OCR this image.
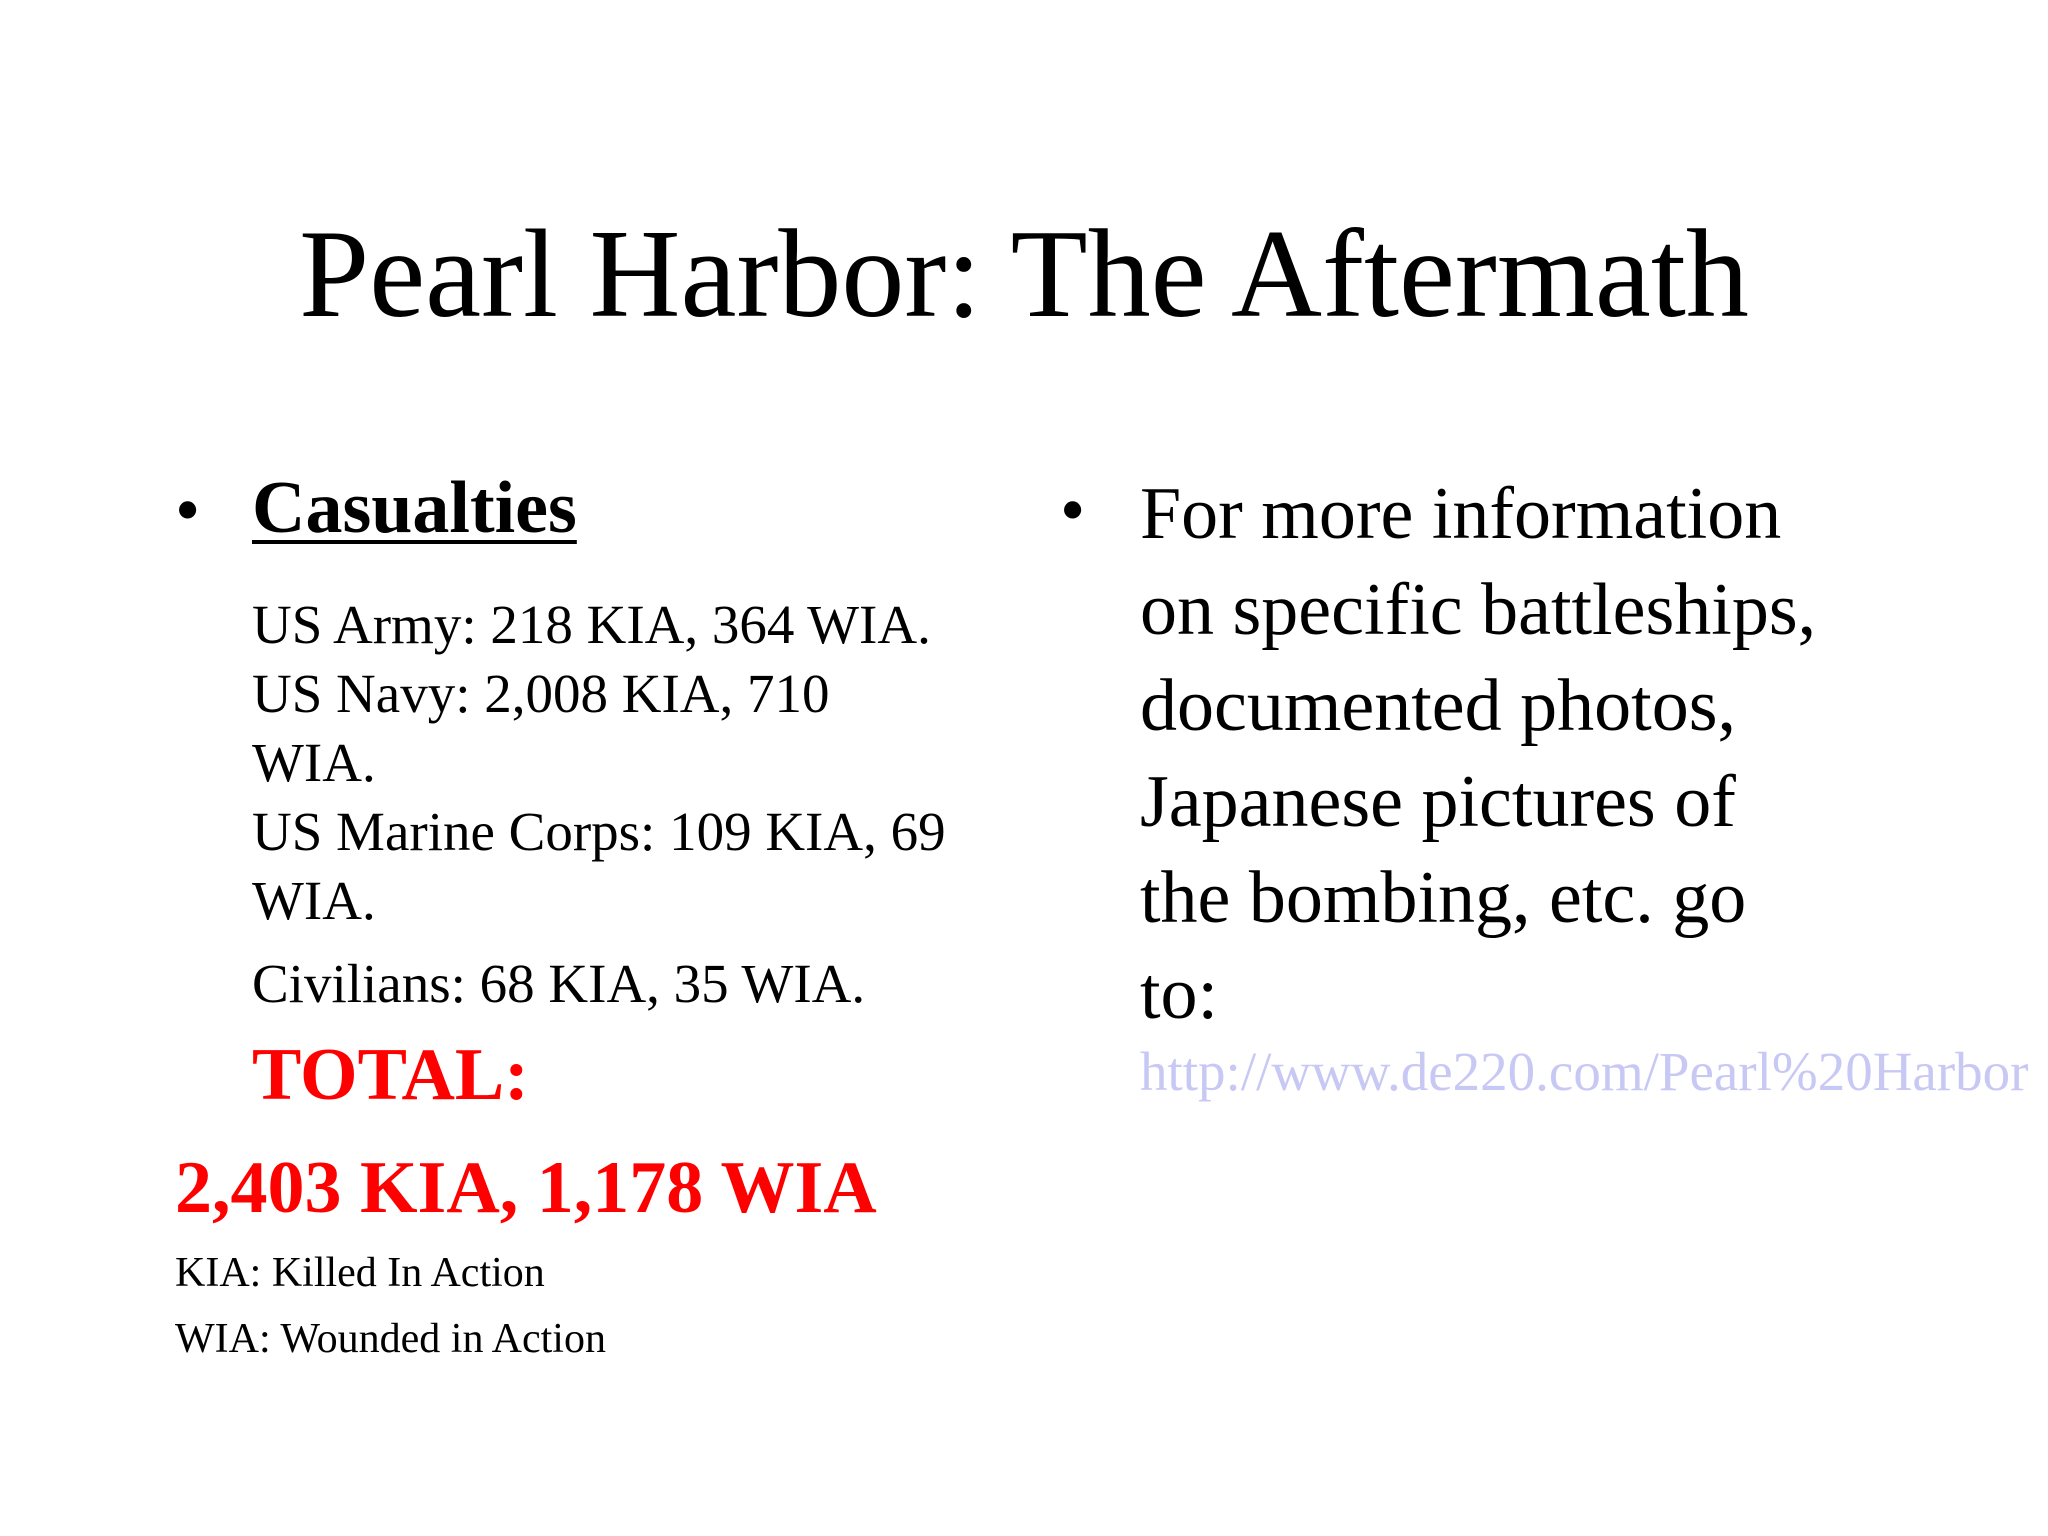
Pearl Harbor: The Aftermath
• Casualties
US Army: 218 KIA, 364 WIA.
US Navy: 2,008 KIA, 710
WIA.
US Marine Corps: 109 KIA, 69
WIA.
Civilians: 68 KIA, 35 WIA.
TOTAL:
2,403 KIA, 1,178 WIA
KIA: Killed In Action
WIA: Wounded in Action
• For more information
on specific battleships,
documented photos,
Japanese pictures of
the bombing, etc. go
to:
http://www.de220.com/Pearl%20Harbor
